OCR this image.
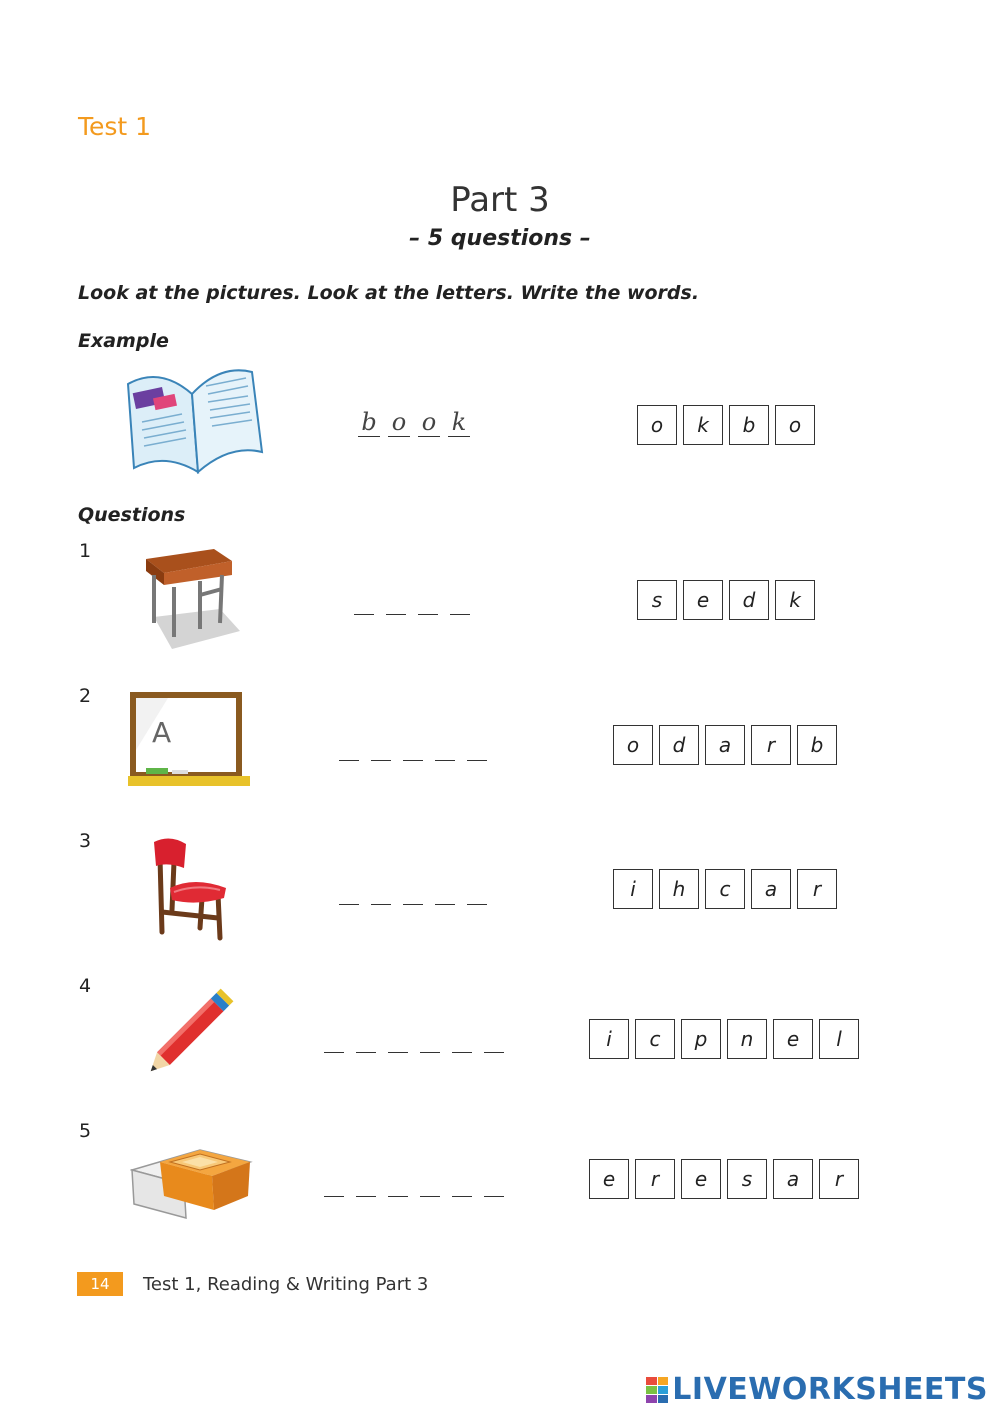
Test 1
Part 3
– 5 questions –
Look at the pictures. Look at the letters. Write the words.
Example
b o o k	o	k	b	o
Questions
1
s	e	d	k
2
A	o	d	a	r	b
3
i	h	c	a	r
4
i	c	p	n	e	l
5
e	r	e	s	a	r
14	Test 1, Reading & Writing Part 3
LIVEWORKSHEETS
